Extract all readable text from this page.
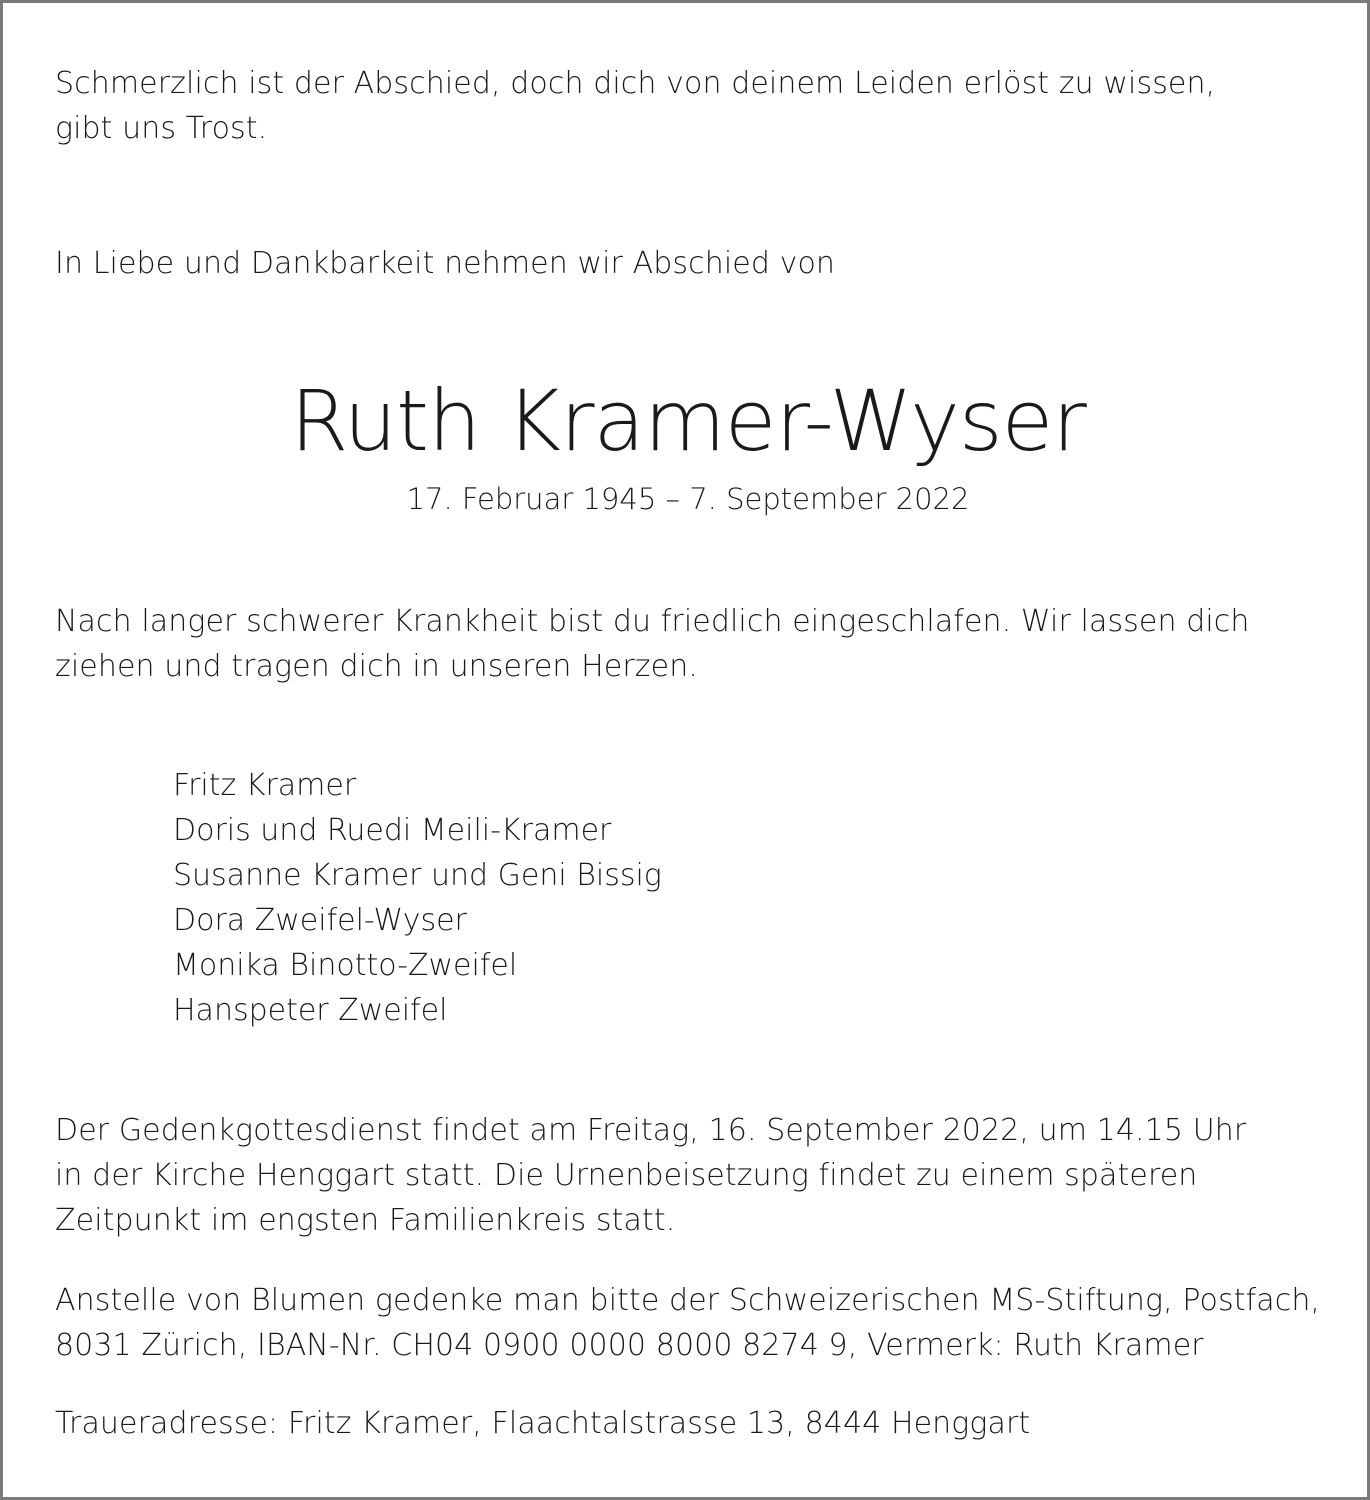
Schmerzlich ist der Abschied, doch dich von deinem Leiden erlöst zu wissen,
gibt uns Trost.
In Liebe und Dankbarkeit nehmen wir Abschied von
Ruth Kramer-Wyser
17. Februar 1945 – 7. September 2022
Nach langer schwerer Krankheit bist du friedlich eingeschlafen. Wir lassen dich
ziehen und tragen dich in unseren Herzen.
Fritz Kramer
Doris und Ruedi Meili-Kramer
Susanne Kramer und Geni Bissig
Dora Zweifel-Wyser
Monika Binotto-Zweifel
Hanspeter Zweifel
Der Gedenkgottesdienst findet am Freitag, 16. September 2022, um 14.15 Uhr
in der Kirche Henggart statt. Die Urnenbeisetzung findet zu einem späteren
Zeitpunkt im engsten Familienkreis statt.
Anstelle von Blumen gedenke man bitte der Schweizerischen MS-Stiftung, Postfach,
8031 Zürich, IBAN-Nr. CH04 0900 0000 8000 8274 9, Vermerk: Ruth Kramer
Traueradresse: Fritz Kramer, Flaachtalstrasse 13, 8444 Henggart
